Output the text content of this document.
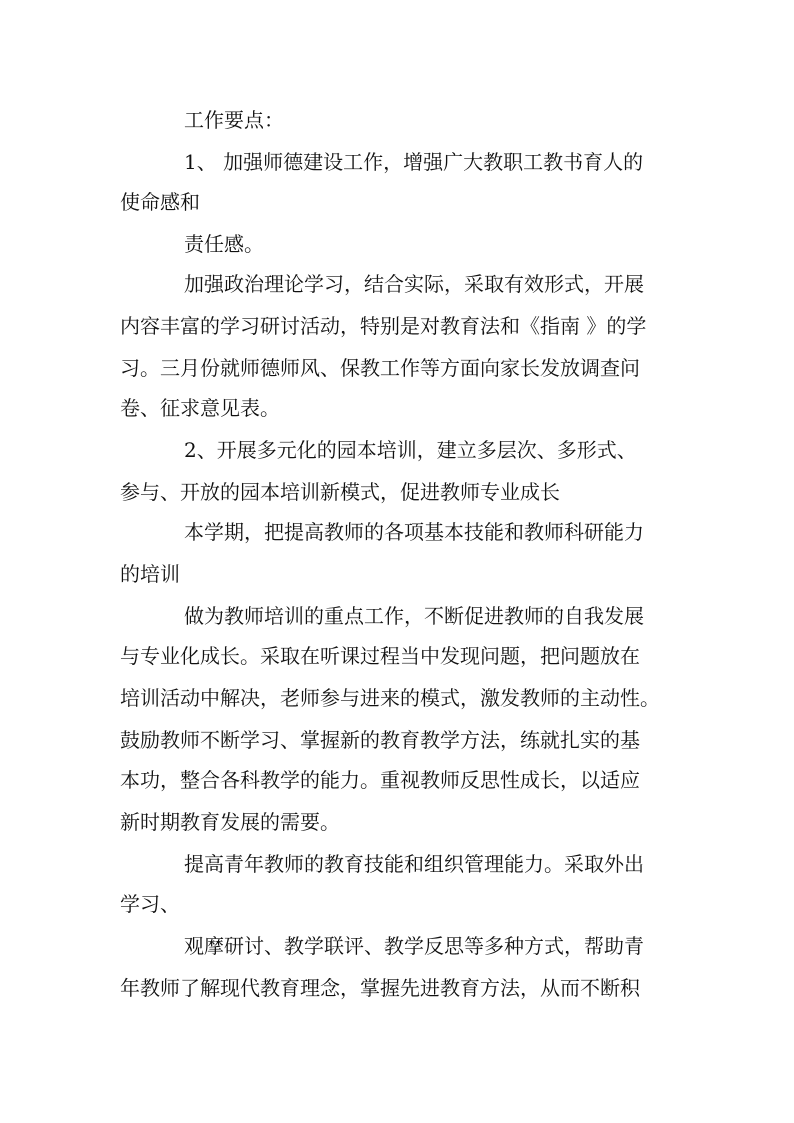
工作要点：
1、 加强师德建设工作，增强广大教职工教书育人的
使命感和
责任感。
加强政治理论学习，结合实际，采取有效形式，开展
内容丰富的学习研讨活动，特别是对教育法和《指南 》的学
习。三月份就师德师风、保教工作等方面向家长发放调查问
卷、征求意见表。
2、开展多元化的园本培训，建立多层次、多形式、
参与、开放的园本培训新模式，促进教师专业成长
本学期，把提高教师的各项基本技能和教师科研能力
的培训
做为教师培训的重点工作，不断促进教师的自我发展
与专业化成长。采取在听课过程当中发现问题，把问题放在
培训活动中解决，老师参与进来的模式，激发教师的主动性。
鼓励教师不断学习、掌握新的教育教学方法，练就扎实的基
本功，整合各科教学的能力。重视教师反思性成长，以适应
新时期教育发展的需要。
提高青年教师的教育技能和组织管理能力。采取外出
学习、
观摩研讨、教学联评、教学反思等多种方式，帮助青
年教师了解现代教育理念，掌握先进教育方法，从而不断积
